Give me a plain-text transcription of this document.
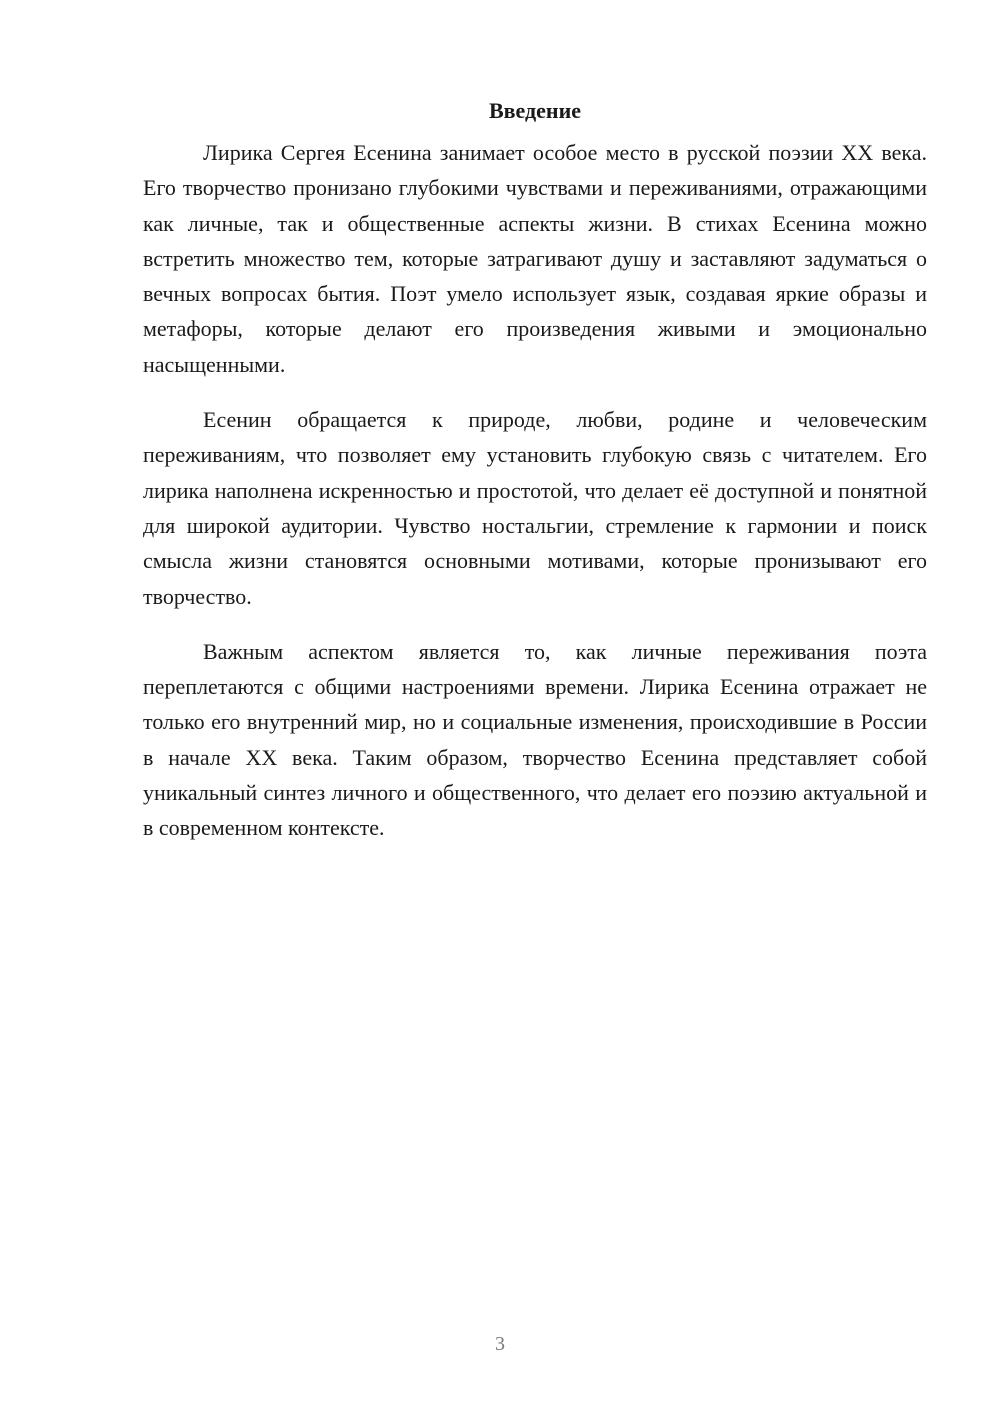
Введение

Лирика Сергея Есенина занимает особое место в русской поэзии XX века. Его творчество пронизано глубокими чувствами и переживаниями, отражающими как личные, так и общественные аспекты жизни. В стихах Есенина можно встретить множество тем, которые затрагивают душу и заставляют задуматься о вечных вопросах бытия. Поэт умело использует язык, создавая яркие образы и метафоры, которые делают его произведения живыми и эмоционально насыщенными.

Есенин обращается к природе, любви, родине и человеческим переживаниям, что позволяет ему установить глубокую связь с читателем. Его лирика наполнена искренностью и простотой, что делает её доступной и понятной для широкой аудитории. Чувство ностальгии, стремление к гармонии и поиск смысла жизни становятся основными мотивами, которые пронизывают его творчество.

Важным аспектом является то, как личные переживания поэта переплетаются с общими настроениями времени. Лирика Есенина отражает не только его внутренний мир, но и социальные изменения, происходившие в России в начале XX века. Таким образом, творчество Есенина представляет собой уникальный синтез личного и общественного, что делает его поэзию актуальной и в современном контексте.

3
